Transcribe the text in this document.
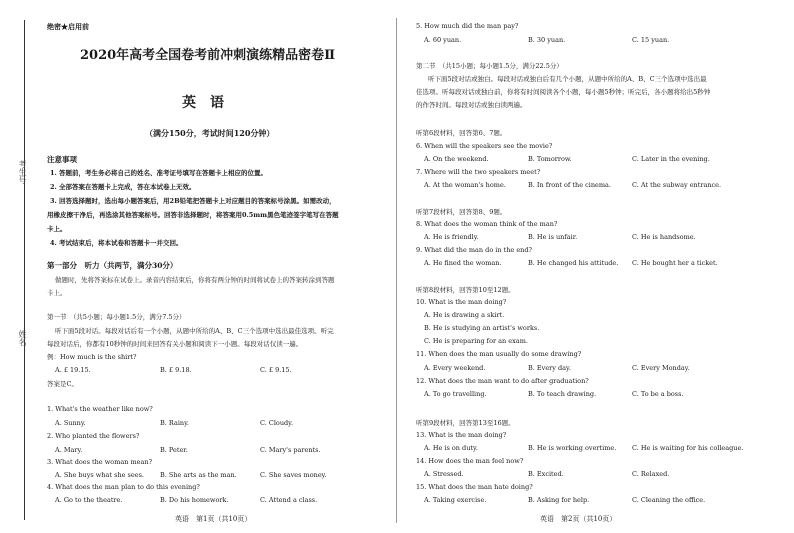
考生号
姓名
绝密★启用前
2020年高考全国卷考前冲刺演练精品密卷Ⅱ
英　语
（满分150分，考试时间120分钟）
注意事项
1. 答题前，考生务必将自己的姓名、准考证号填写在答题卡上相应的位置。
2. 全部答案在答题卡上完成，答在本试卷上无效。
3. 回答选择题时，选出每小题答案后，用2B铅笔把答题卡上对应题目的答案标号涂黑。如需改动，
用橡皮擦干净后，再选涂其他答案标号。回答非选择题时，将答案用0.5mm黑色笔迹签字笔写在答题
卡上。
4. 考试结束后，将本试卷和答题卡一并交回。
第一部分　听力（共两节，满分30分）
做题时，先将答案标在试卷上。录音内容结束后，你将有两分钟的时间将试卷上的答案转涂到答题
卡上。
第一节　（共5小题；每小题1.5分，满分7.5分）
听下面5段对话。每段对话后有一个小题，从题中所给的A、B、C三个选项中选出最佳选项。听完
每段对话后，你都有10秒钟的时间来回答有关小题和阅读下一小题。每段对话仅读一遍。
例：How much is the shirt?
A. £ 19.15.	B. £ 9.18.	C. £ 9.15.
答案是C。
1. What's the weather like now?
A. Sunny.	B. Rainy.	C. Cloudy.
2. Who planted the flowers?
A. Mary.	B. Peter.	C. Mary's parents.
3. What does the woman mean?
A. She buys what she sees. B. She arts as the man.	C. She saves money.
4. What does the man plan to do this evening?
A. Go to the theatre.	B. Do his homework.	C. Attend a class.
英语　第1页（共10页）
5. How much did the man pay?
A. 60 yuan.	B. 30 yuan.	C. 15 yuan.
第二节　（共15小题；每小题1.5分，满分22.5分）
听下面5段对话或独白。每段对话或独白后有几个小题，从题中所给的A、B、C三个选项中选出最
佳选项。听每段对话或独白前，你将有时间阅读各个小题，每小题5秒钟；听完后，各小题将给出5秒钟
的作答时间。每段对话或独白读两遍。
听第6段材料，回答第6、7题。
6. When will the speakers see the movie?
A. On the weekend.	B. Tomorrow.	C. Later in the evening.
7. Where will the two speakers meet?
A. At the woman's home.	B. In front of the cinema.	C. At the subway entrance.
听第7段材料，回答第8、9题。
8. What does the woman think of the man?
A. He is friendly.	B. He is unfair.	C. He is handsome.
9. What did the man do in the end?
A. He fined the woman.	B. He changed his attitude. C. He bought her a ticket.
听第8段材料，回答第10至12题。
10. What is the man doing?
A. He is drawing a skirt.
B. He is studying an artist's works.
C. He is preparing for an exam.
11. When does the man usually do some drawing?
A. Every weekend.	B. Every day.	C. Every Monday.
12. What does the man want to do after graduation?
A. To go travelling.	B. To teach drawing.	C. To be a boss.
听第9段材料，回答第13至16题。
13. What is the man doing?
A. He is on duty.	B. He is working overtime. C. He is waiting for his colleague.
14. How does the man feel now?
A. Stressed.	B. Excited.	C. Relaxed.
15. What does the man hate doing?
A. Taking exercise.	B. Asking for help.	C. Cleaning the office.
英语　第2页（共10页）
